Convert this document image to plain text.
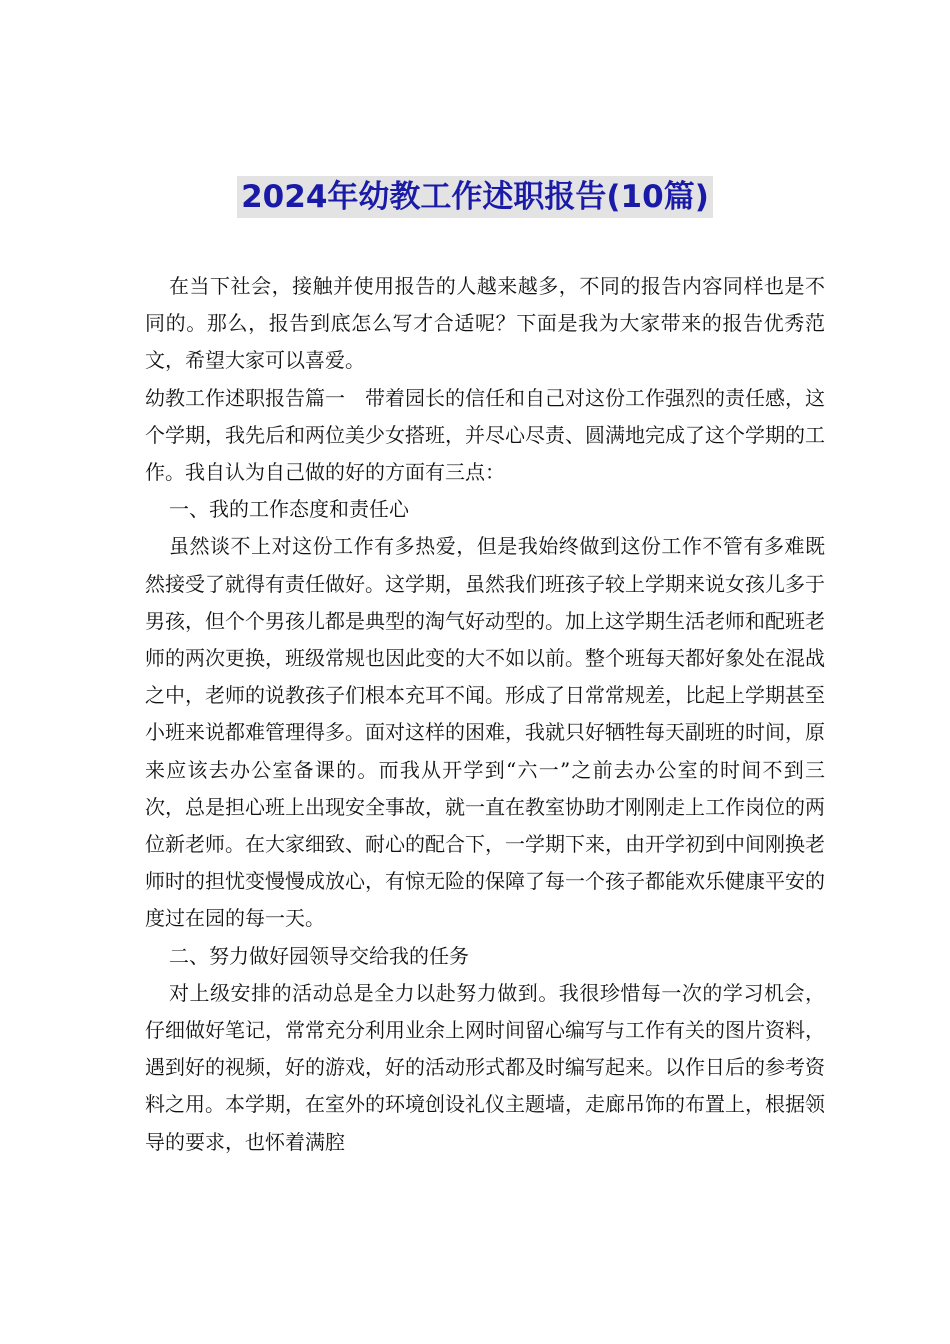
2024年幼教工作述职报告(10篇)

在当下社会，接触并使用报告的人越来越多，不同的报告内容同样也是不同的。那么，报告到底怎么写才合适呢？下面是我为大家带来的报告优秀范文，希望大家可以喜爱。

幼教工作述职报告篇一　带着园长的信任和自己对这份工作强烈的责任感，这个学期，我先后和两位美少女搭班，并尽心尽责、圆满地完成了这个学期的工作。我自认为自己做的好的方面有三点：

一、我的工作态度和责任心

虽然谈不上对这份工作有多热爱，但是我始终做到这份工作不管有多难既然接受了就得有责任做好。这学期，虽然我们班孩子较上学期来说女孩儿多于男孩，但个个男孩儿都是典型的淘气好动型的。加上这学期生活老师和配班老师的两次更换，班级常规也因此变的大不如以前。整个班每天都好象处在混战之中，老师的说教孩子们根本充耳不闻。形成了日常常规差，比起上学期甚至小班来说都难管理得多。面对这样的困难，我就只好牺牲每天副班的时间，原来应该去办公室备课的。而我从开学到“六一”之前去办公室的时间不到三次，总是担心班上出现安全事故，就一直在教室协助才刚刚走上工作岗位的两位新老师。在大家细致、耐心的配合下，一学期下来，由开学初到中间刚换老师时的担忧变慢慢成放心，有惊无险的保障了每一个孩子都能欢乐健康平安的度过在园的每一天。

二、努力做好园领导交给我的任务

对上级安排的活动总是全力以赴努力做到。我很珍惜每一次的学习机会，仔细做好笔记，常常充分利用业余上网时间留心编写与工作有关的图片资料，遇到好的视频，好的游戏，好的活动形式都及时编写起来。以作日后的参考资料之用。本学期，在室外的环境创设礼仪主题墙，走廊吊饰的布置上，根据领导的要求，也怀着满腔
